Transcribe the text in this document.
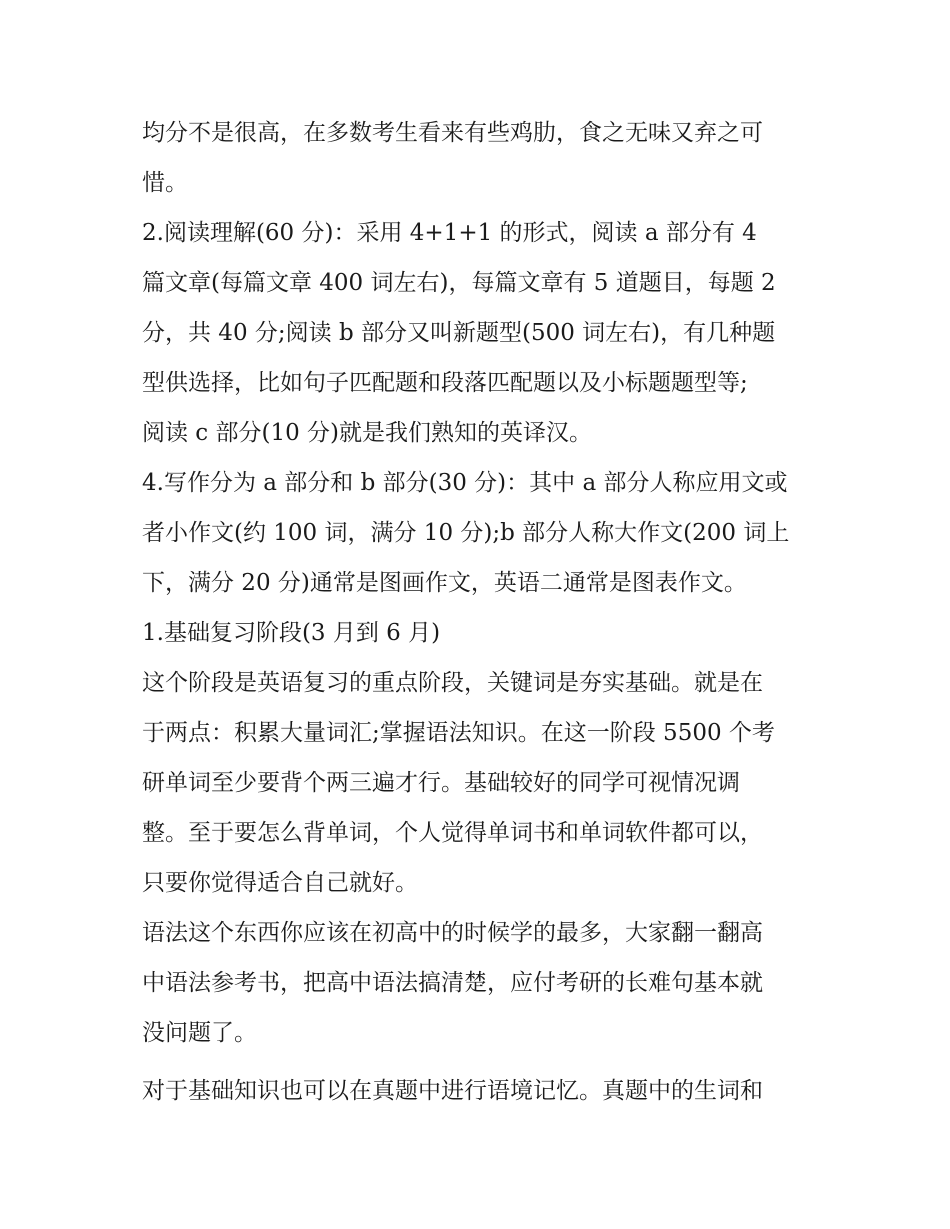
均分不是很高，在多数考生看来有些鸡肋，食之无味又弃之可
惜。
2.阅读理解(60 分)：采用 4+1+1 的形式，阅读 a 部分有 4
篇文章(每篇文章 400 词左右)，每篇文章有 5 道题目，每题 2
分，共 40 分;阅读 b 部分又叫新题型(500 词左右)，有几种题
型供选择，比如句子匹配题和段落匹配题以及小标题题型等;
阅读 c 部分(10 分)就是我们熟知的英译汉。
4.写作分为 a 部分和 b 部分(30 分)：其中 a 部分人称应用文或
者小作文(约 100 词，满分 10 分);b 部分人称大作文(200 词上
下，满分 20 分)通常是图画作文，英语二通常是图表作文。
1.基础复习阶段(3 月到 6 月)
这个阶段是英语复习的重点阶段，关键词是夯实基础。就是在
于两点：积累大量词汇;掌握语法知识。在这一阶段 5500 个考
研单词至少要背个两三遍才行。基础较好的同学可视情况调
整。至于要怎么背单词，个人觉得单词书和单词软件都可以，
只要你觉得适合自己就好。
语法这个东西你应该在初高中的时候学的最多，大家翻一翻高
中语法参考书，把高中语法搞清楚，应付考研的长难句基本就
没问题了。
对于基础知识也可以在真题中进行语境记忆。真题中的生词和
